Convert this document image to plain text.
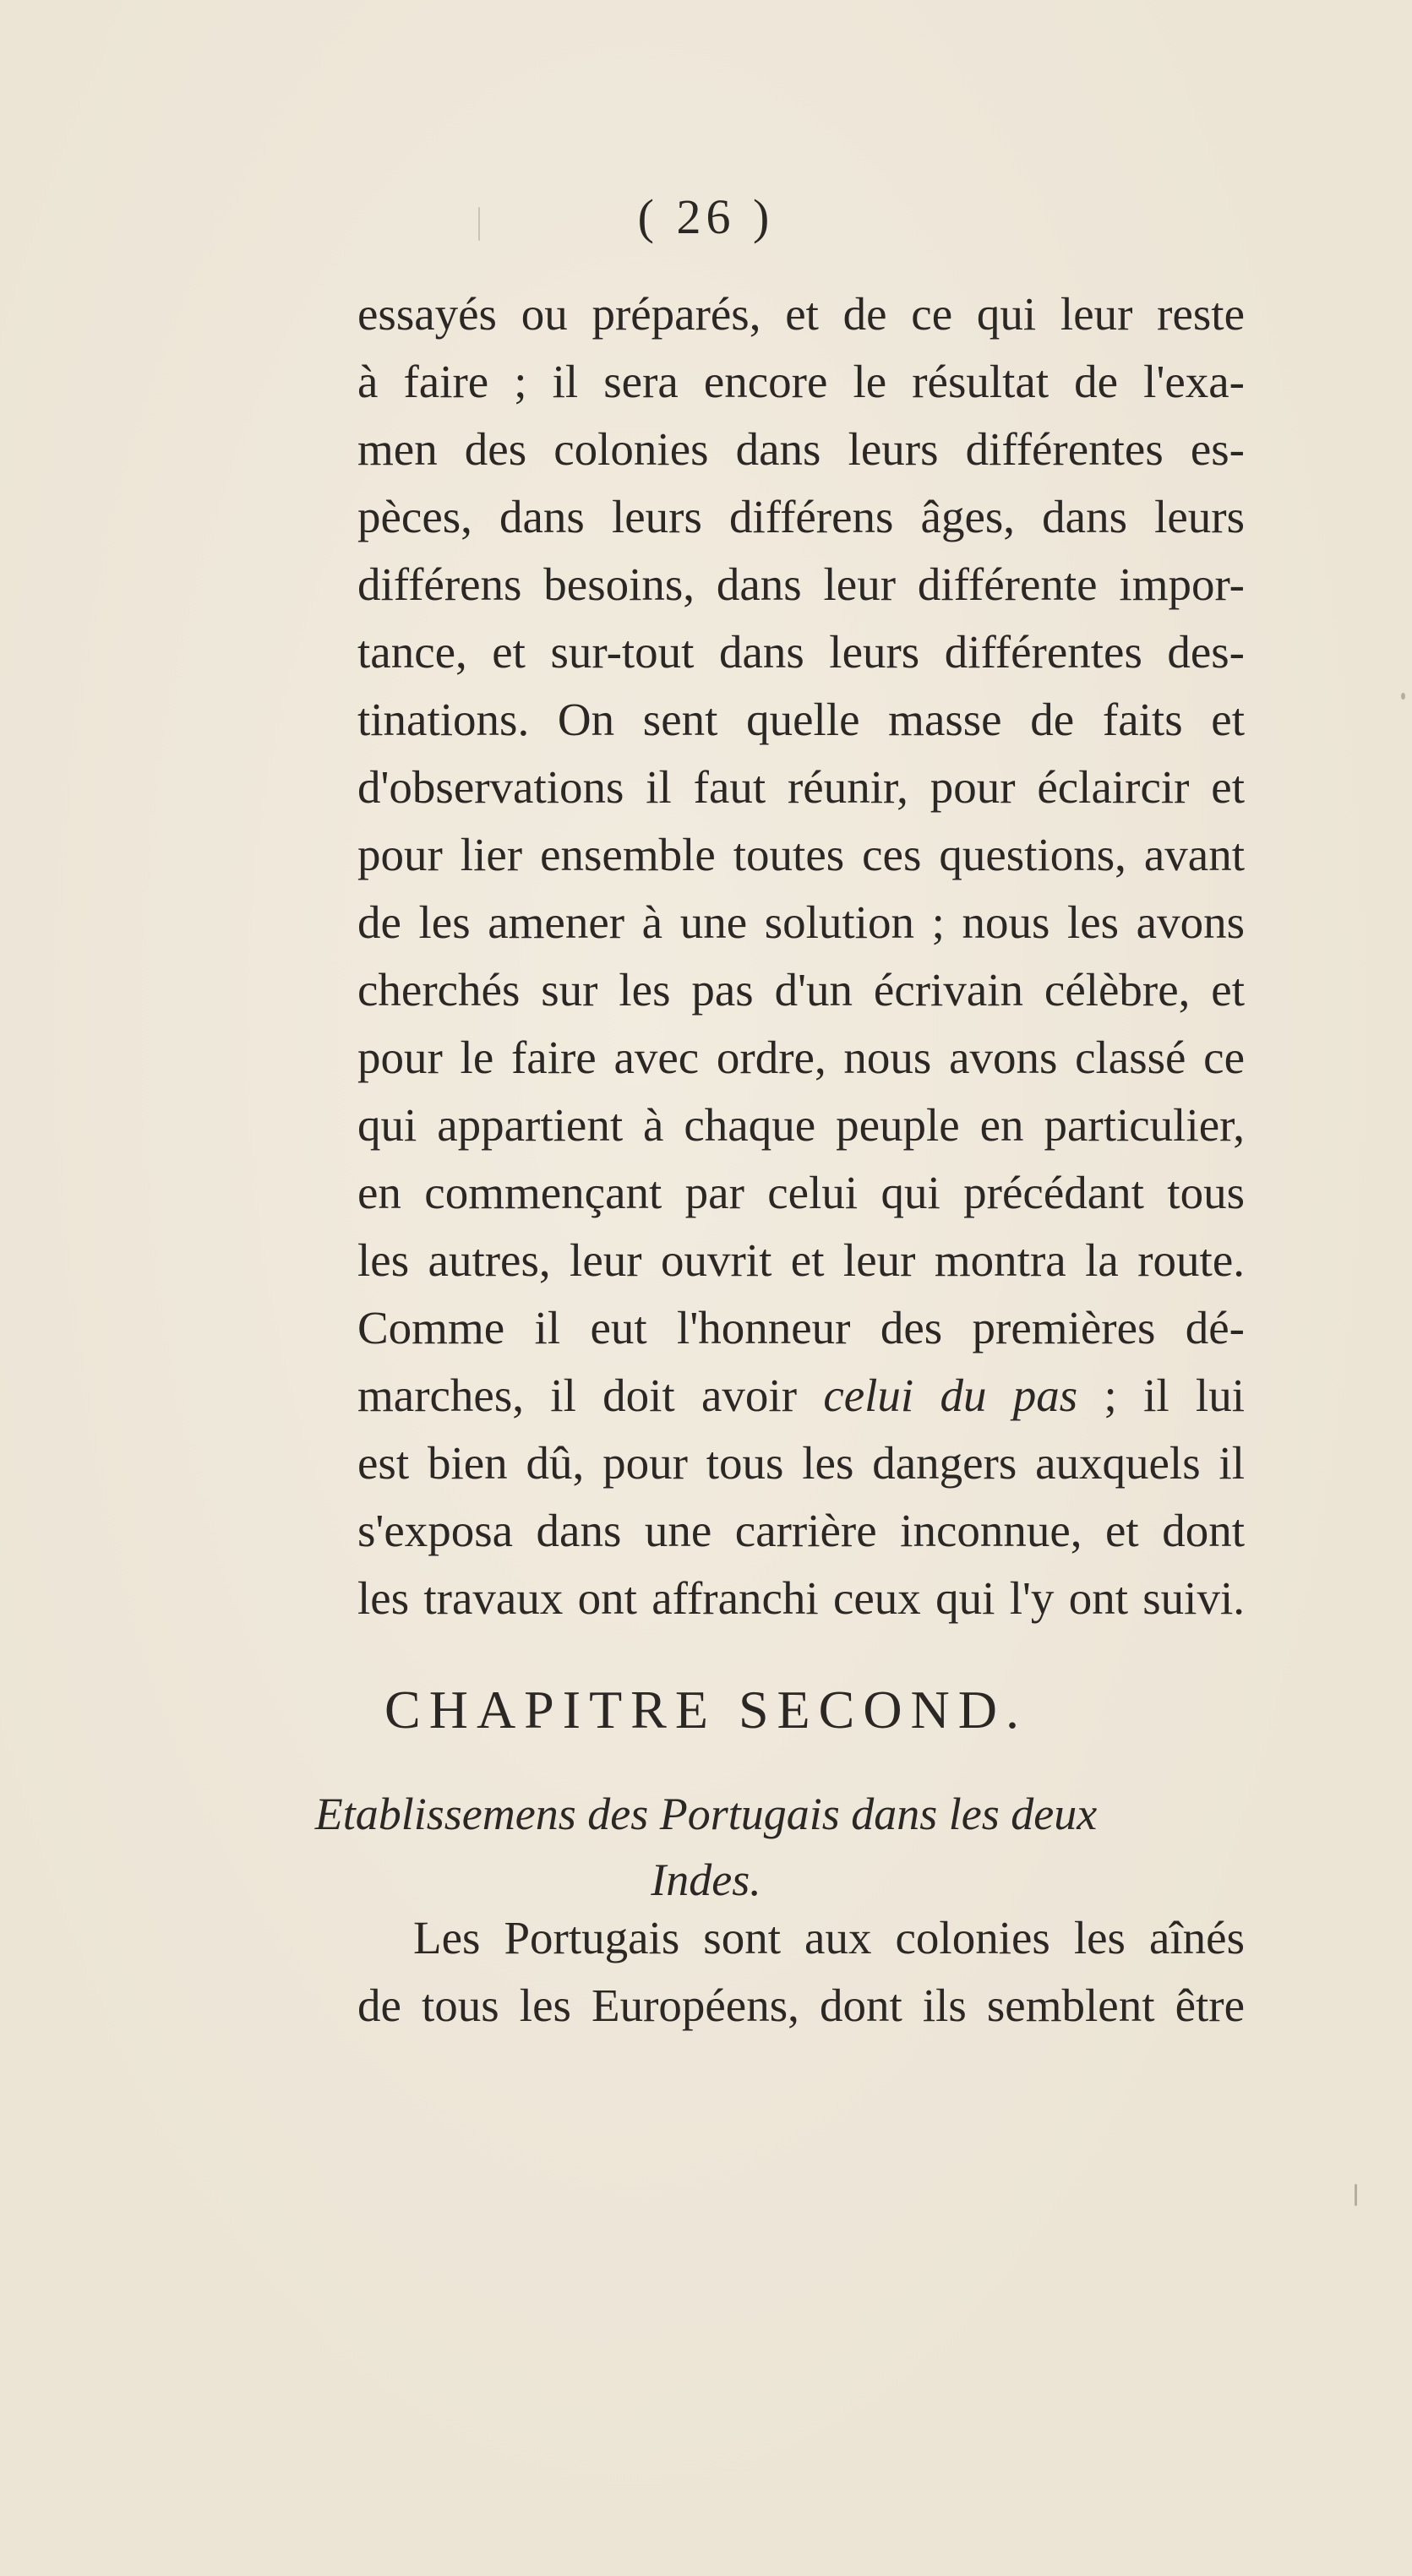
( 26 )
essayés ou préparés, et de ce qui leur reste
à faire ; il sera encore le résultat de l'exa-
men des colonies dans leurs différentes es-
pèces, dans leurs différens âges, dans leurs
différens besoins, dans leur différente impor-
tance, et sur-tout dans leurs différentes des-
tinations. On sent quelle masse de faits et
d'observations il faut réunir, pour éclaircir et
pour lier ensemble toutes ces questions, avant
de les amener à une solution ; nous les avons
cherchés sur les pas d'un écrivain célèbre, et
pour le faire avec ordre, nous avons classé ce
qui appartient à chaque peuple en particulier,
en commençant par celui qui précédant tous
les autres, leur ouvrit et leur montra la route.
Comme il eut l'honneur des premières dé-
marches, il doit avoir celui du pas ; il lui
est bien dû, pour tous les dangers auxquels il
s'exposa dans une carrière inconnue, et dont
les travaux ont affranchi ceux qui l'y ont suivi.
CHAPITRE SECOND.
Etablissemens des Portugais dans les deux
Indes.
Les Portugais sont aux colonies les aînés
de tous les Européens, dont ils semblent être
